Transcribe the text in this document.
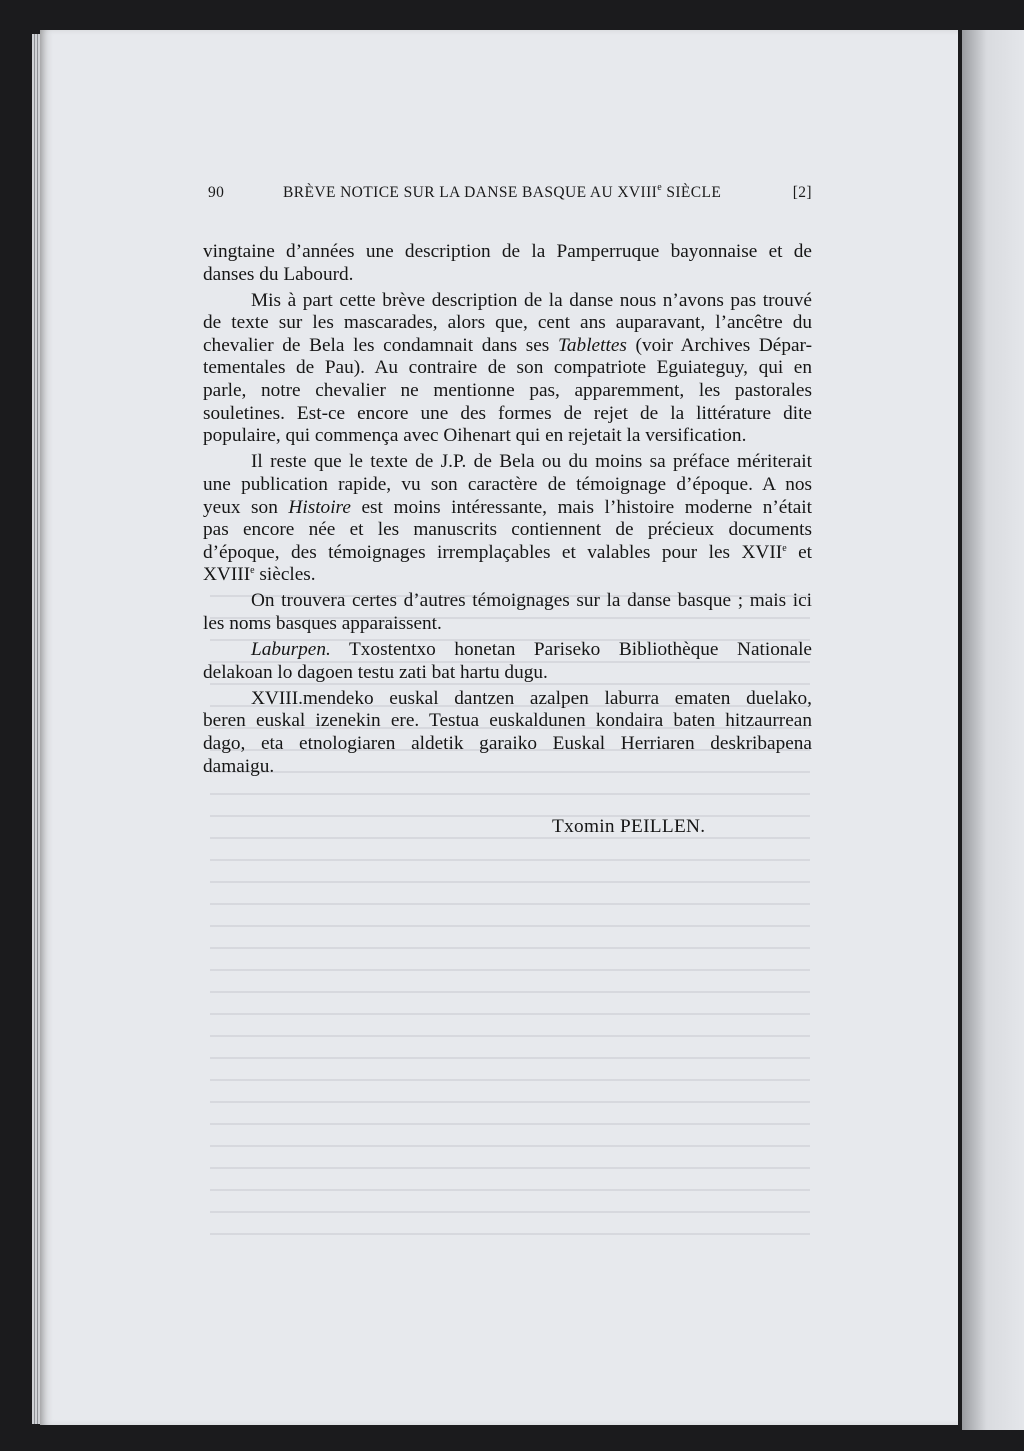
90	BRÈVE NOTICE SUR LA DANSE BASQUE AU XVIIIe SIÈCLE	[2]
vingtaine d’années une description de la Pamperruque bayonnaise et de
danses du Labourd.
Mis à part cette brève description de la danse nous n’avons pas trouvé
de texte sur les mascarades, alors que, cent ans auparavant, l’ancêtre du
chevalier de Bela les condamnait dans ses Tablettes (voir Archives Dépar-
tementales de Pau). Au contraire de son compatriote Eguiateguy, qui en
parle, notre chevalier ne mentionne pas, apparemment, les pastorales
souletines. Est-ce encore une des formes de rejet de la littérature dite
populaire, qui commença avec Oihenart qui en rejetait la versification.
Il reste que le texte de J.P. de Bela ou du moins sa préface mériterait
une publication rapide, vu son caractère de témoignage d’époque. A nos
yeux son Histoire est moins intéressante, mais l’histoire moderne n’était
pas encore née et les manuscrits contiennent de précieux documents
d’époque, des témoignages irremplaçables et valables pour les XVIIe et
XVIIIe siècles.
On trouvera certes d’autres témoignages sur la danse basque ; mais ici
les noms basques apparaissent.
Laburpen. Txostentxo honetan Pariseko Bibliothèque Nationale
delakoan lo dagoen testu zati bat hartu dugu.
XVIII.mendeko euskal dantzen azalpen laburra ematen duelako,
beren euskal izenekin ere. Testua euskaldunen kondaira baten hitzaurrean
dago, eta etnologiaren aldetik garaiko Euskal Herriaren deskribapena
damaigu.
Txomin PEILLEN.
